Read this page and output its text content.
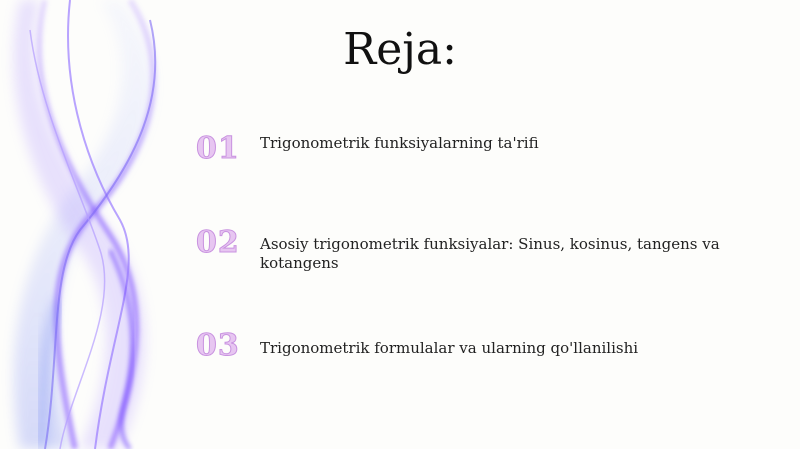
Reja:
01	Trigonometrik funksiyalarning ta'rifi
02	Asosiy trigonometrik funksiyalar: Sinus, kosinus, tangens va kotangens
03	Trigonometrik formulalar va ularning qo'llanilishi
